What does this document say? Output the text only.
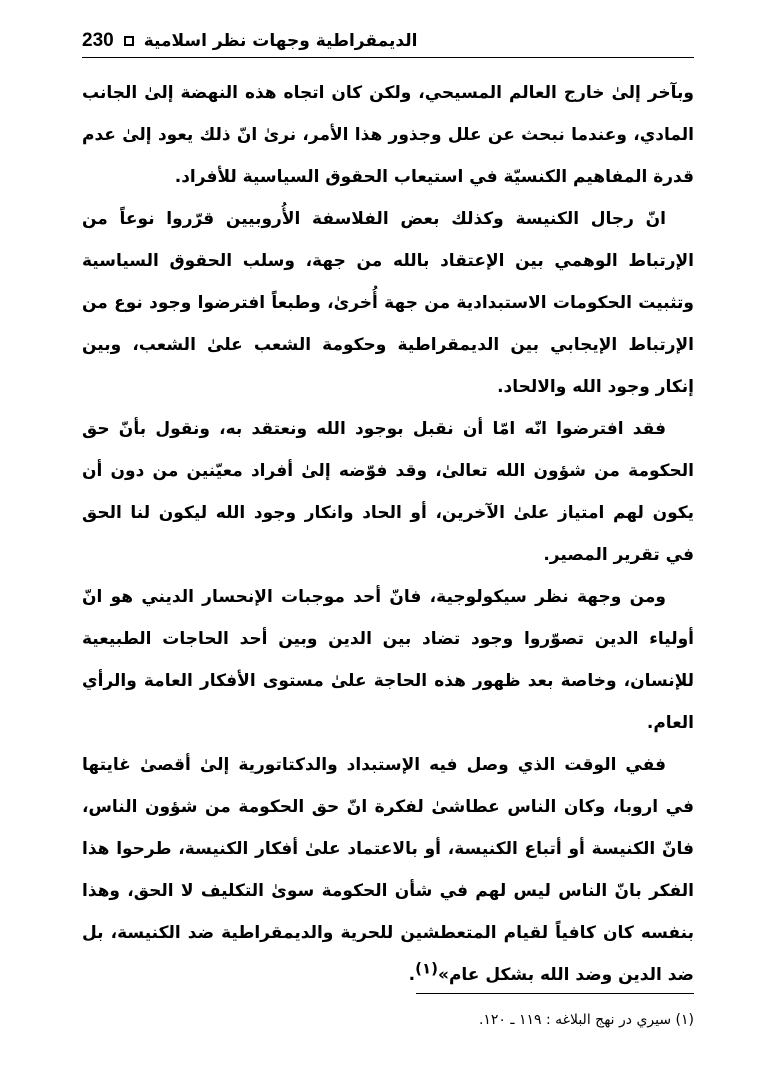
230 الديمقراطية وجهات نظر اسلامية

وبآخر إلىٰ خارج العالم المسيحي، ولكن كان اتجاه هذه النهضة إلىٰ الجانب المادي، وعندما نبحث عن علل وجذور هذا الأمر، نرىٰ انّ ذلك يعود إلىٰ عدم قدرة المفاهيم الكنسيّة في استيعاب الحقوق السياسية للأفراد.

انّ رجال الكنيسة وكذلك بعض الفلاسفة الأُروبيين قرّروا نوعاً من الإرتباط الوهمي بين الإعتقاد بالله من جهة، وسلب الحقوق السياسية وتثبيت الحكومات الاستبدادية من جهة أُخرىٰ، وطبعاً افترضوا وجود نوع من الإرتباط الإيجابي بين الديمقراطية وحكومة الشعب علىٰ الشعب، وبين إنكار وجود الله والالحاد.

فقد افترضوا انّه امّا أن نقبل بوجود الله ونعتقد به، ونقول بأنّ حق الحكومة من شؤون الله تعالىٰ، وقد فوّضه إلىٰ أفراد معيّنين من دون أن يكون لهم امتياز علىٰ الآخرين، أو الحاد وانكار وجود الله ليكون لنا الحق في تقرير المصير.

ومن وجهة نظر سيكولوجية، فانّ أحد موجبات الإنحسار الديني هو انّ أولياء الدين تصوّروا وجود تضاد بين الدين وبين أحد الحاجات الطبيعية للإنسان، وخاصة بعد ظهور هذه الحاجة علىٰ مستوى الأفكار العامة والرأي العام.

ففي الوقت الذي وصل فيه الإستبداد والدكتاتورية إلىٰ أقصىٰ غايتها في اروبا، وكان الناس عطاشىٰ لفكرة انّ حق الحكومة من شؤون الناس، فانّ الكنيسة أو أتباع الكنيسة، أو بالاعتماد علىٰ أفكار الكنيسة، طرحوا هذا الفكر بانّ الناس ليس لهم في شأن الحكومة سوىٰ التكليف لا الحق، وهذا بنفسه كان كافياً لقيام المتعطشين للحرية والديمقراطية ضد الكنيسة، بل ضد الدين وضد الله بشكل عام»(١).

(١) سيري در نهج البلاغه : ١١٩ ـ ١٢٠.
